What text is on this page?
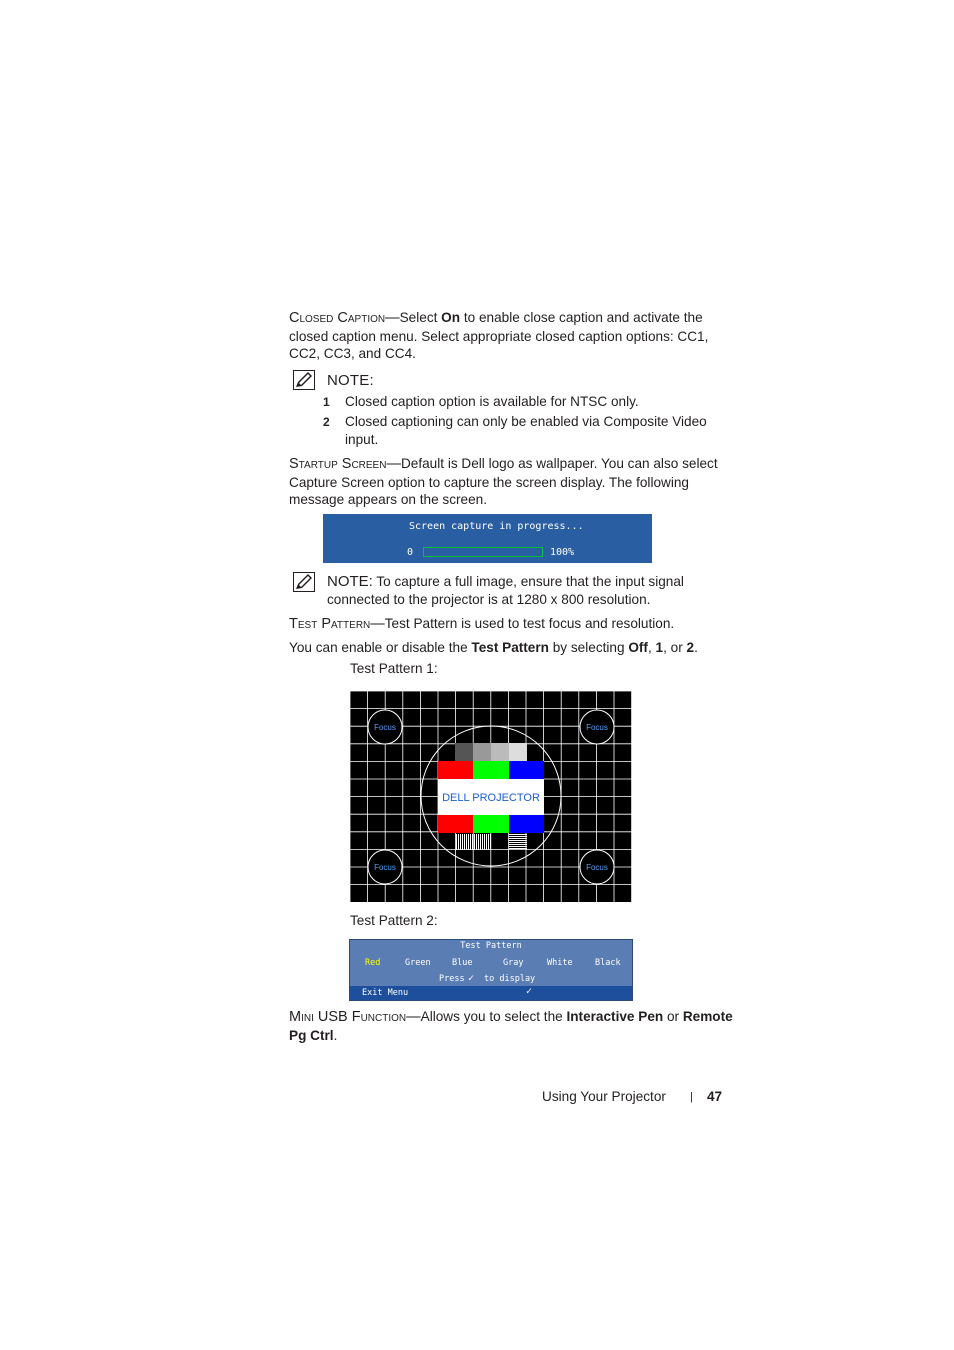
Closed Caption—Select On to enable close caption and activate the closed caption menu. Select appropriate closed caption options: CC1, CC2, CC3, and CC4.
NOTE:
1 Closed caption option is available for NTSC only.
2 Closed captioning can only be enabled via Composite Video input.
Startup Screen—Default is Dell logo as wallpaper. You can also select Capture Screen option to capture the screen display. The following message appears on the screen.
Screen capture in progress...
0	100%
NOTE: To capture a full image, ensure that the input signal connected to the projector is at 1280 x 800 resolution.
Test Pattern—Test Pattern is used to test focus and resolution.
You can enable or disable the Test Pattern by selecting Off, 1, or 2.
Test Pattern 1:
DELL PROJECTOR
Focus	Focus
Focus	Focus
Test Pattern 2:
Test Pattern
Red	Green	Blue	Gray	White	Black
Press ✓ to display
Exit Menu	✓
Mini USB Function—Allows you to select the Interactive Pen or Remote Pg Ctrl.
Using Your Projector | 47
